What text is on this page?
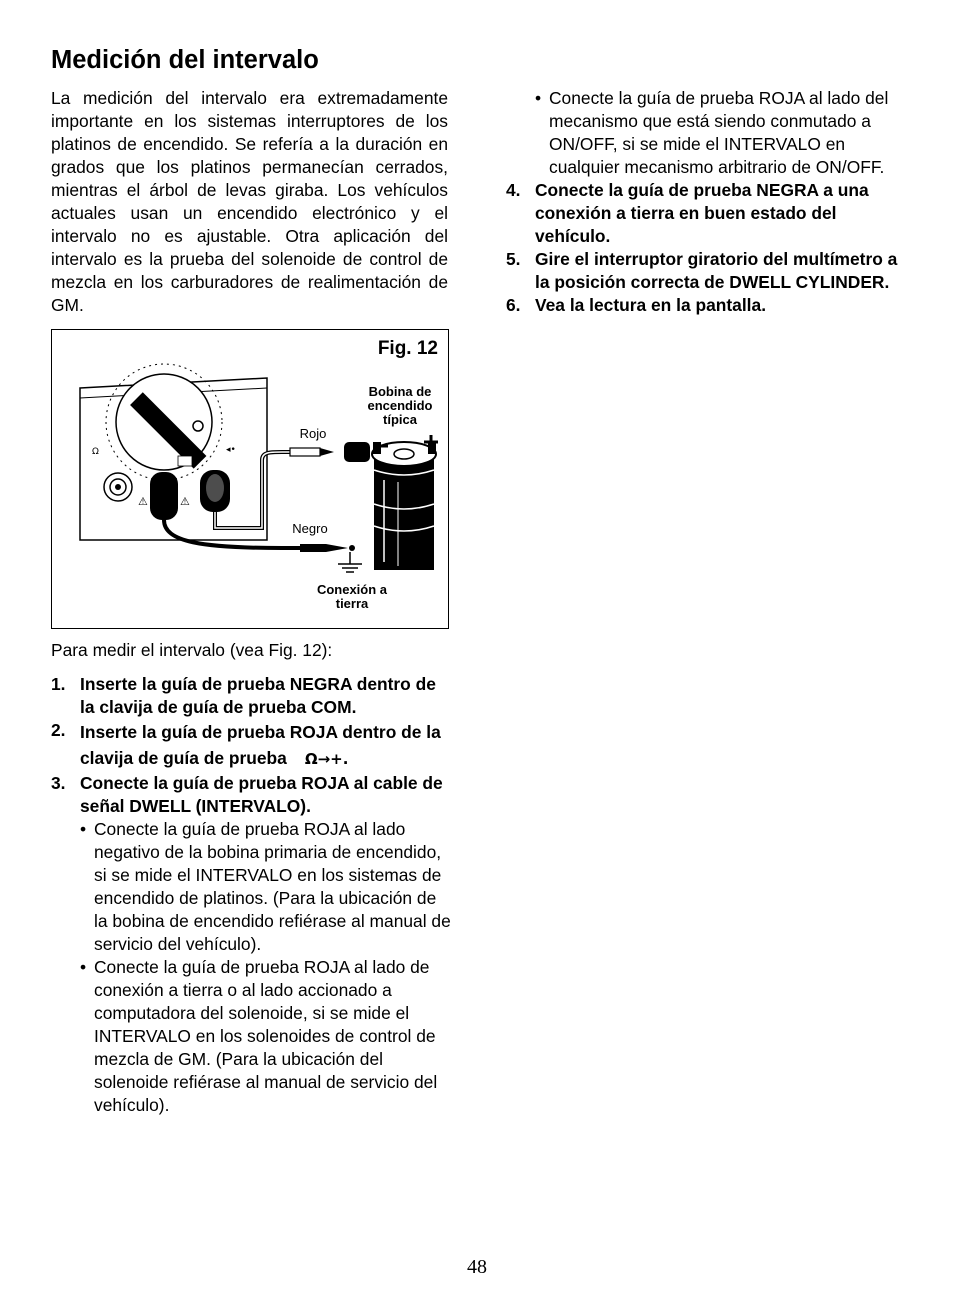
Medición del intervalo

La medición del intervalo era extremadamente importante en los sistemas interruptores de los platinos de encendido. Se refería a la duración en grados que los platinos permanecían cerrados, mientras el árbol de levas giraba. Los vehículos actuales usan un encendido electrónico y el intervalo no es ajustable. Otra aplicación del intervalo es la prueba del solenoide de control de mezcla en los carburadores de realimentación de GM.

Ω	◂•
⚠
⚠
Fig. 12
Bobina de encendido típica
Rojo
Negro
Conexión a tierra

Para medir el intervalo (vea Fig. 12):

1. Inserte la guía de prueba NEGRA dentro de la clavija de guía de prueba COM.
2. Inserte la guía de prueba ROJA dentro de la clavija de guía de prueba Ω→+.
3. Conecte la guía de prueba ROJA al cable de señal DWELL (INTERVALO).
• Conecte la guía de prueba ROJA al lado negativo de la bobina primaria de encendido, si se mide el INTERVALO en los sistemas de encendido de platinos. (Para la ubicación de la bobina de encendido refiérase al manual de servicio del vehículo).
• Conecte la guía de prueba ROJA al lado de conexión a tierra o al lado accionado a computadora del solenoide, si se mide el INTERVALO en los solenoides de control de mezcla de GM. (Para la ubicación del solenoide refiérase al manual de servicio del vehículo).
• Conecte la guía de prueba ROJA al lado del mecanismo que está siendo conmutado a ON/OFF, si se mide el INTERVALO en cualquier mecanismo arbitrario de ON/OFF.
4. Conecte la guía de prueba NEGRA a una conexión a tierra en buen estado del vehículo.
5. Gire el interruptor giratorio del multímetro a la posición correcta de DWELL CYLINDER.
6. Vea la lectura en la pantalla.
48
